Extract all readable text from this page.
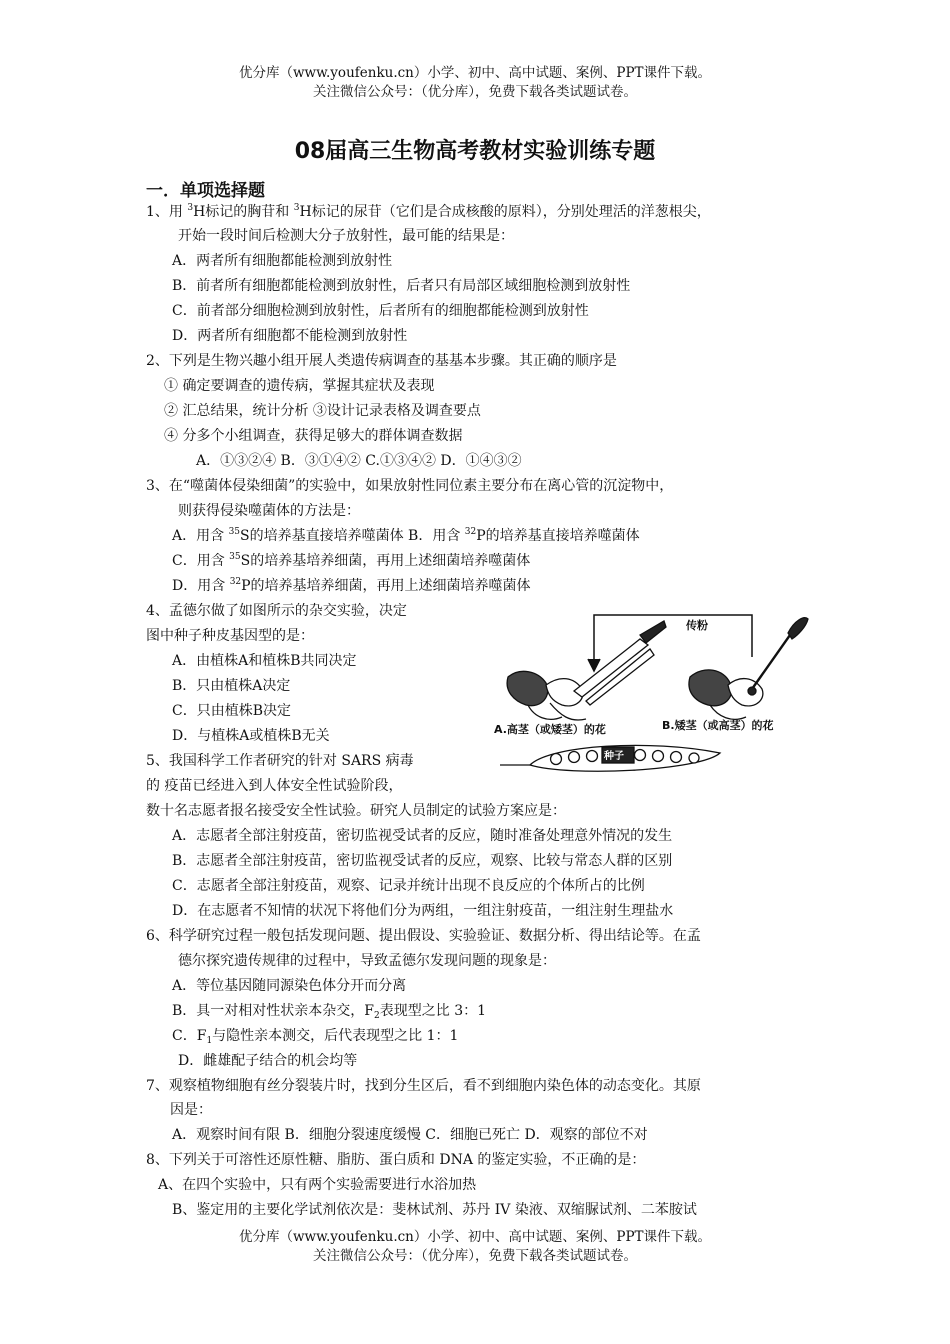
优分库（www.youfenku.cn）小学、初中、高中试题、案例、PPT课件下载。
关注微信公众号：（优分库），免费下载各类试题试卷。
08届高三生物高考教材实验训练专题
一．单项选择题
1、用 $^3$H标记的胸苷和 $^3$H标记的尿苷（它们是合成核酸的原料），分别处理活的洋葱根尖，
开始一段时间后检测大分子放射性，最可能的结果是：
A．两者所有细胞都能检测到放射性
B．前者所有细胞都能检测到放射性，后者只有局部区域细胞检测到放射性
C．前者部分细胞检测到放射性，后者所有的细胞都能检测到放射性
D．两者所有细胞都不能检测到放射性
2、下列是生物兴趣小组开展人类遗传病调查的基基本步骤。其正确的顺序是
① 确定要调查的遗传病，掌握其症状及表现
② 汇总结果，统计分析 ③设计记录表格及调查要点
④ 分多个小组调查，获得足够大的群体调查数据
A．①③②④ B．③①④② C.①③④② D．①④③②
3、在“噬菌体侵染细菌”的实验中，如果放射性同位素主要分布在离心管的沉淀物中，
则获得侵染噬菌体的方法是：
A．用含 $^{35}$S的培养基直接培养噬菌体 B．用含 $^{32}$P的培养基直接培养噬菌体
C．用含 $^{35}$S的培养基培养细菌，再用上述细菌培养噬菌体
D．用含 $^{32}$P的培养基培养细菌，再用上述细菌培养噬菌体
4、孟德尔做了如图所示的杂交实验，决定
图中种子种皮基因型的是：
A．由植株A和植株B共同决定
B．只由植株A决定
C．只由植株B决定
D．与植株A或植株B无关
传粉
A.高茎（或矮茎）的花	B.矮茎（或高茎）的花
种子
5、我国科学工作者研究的针对 SARS 病毒
的 疫苗已经进入到人体安全性试验阶段，
数十名志愿者报名接受安全性试验。研究人员制定的试验方案应是：
A．志愿者全部注射疫苗，密切监视受试者的反应，随时准备处理意外情况的发生
B．志愿者全部注射疫苗，密切监视受试者的反应，观察、比较与常态人群的区别
C．志愿者全部注射疫苗，观察、记录并统计出现不良反应的个体所占的比例
D．在志愿者不知情的状况下将他们分为两组，一组注射疫苗，一组注射生理盐水
6、科学研究过程一般包括发现问题、提出假设、实验验证、数据分析、得出结论等。在孟
德尔探究遗传规律的过程中，导致孟德尔发现问题的现象是：
A．等位基因随同源染色体分开而分离
B．具一对相对性状亲本杂交，$F_2$表现型之比 3：1
C．$F_1$与隐性亲本测交，后代表现型之比 1：1
D．雌雄配子结合的机会均等
7、观察植物细胞有丝分裂装片时，找到分生区后，看不到细胞内染色体的动态变化。其原
因是：
A．观察时间有限 B．细胞分裂速度缓慢 C．细胞已死亡 D．观察的部位不对
8、下列关于可溶性还原性糖、脂肪、蛋白质和 DNA 的鉴定实验，不正确的是：
A、在四个实验中，只有两个实验需要进行水浴加热
B、鉴定用的主要化学试剂依次是：斐林试剂、苏丹 IV 染液、双缩脲试剂、二苯胺试
优分库（www.youfenku.cn）小学、初中、高中试题、案例、PPT课件下载。
关注微信公众号：（优分库），免费下载各类试题试卷。
